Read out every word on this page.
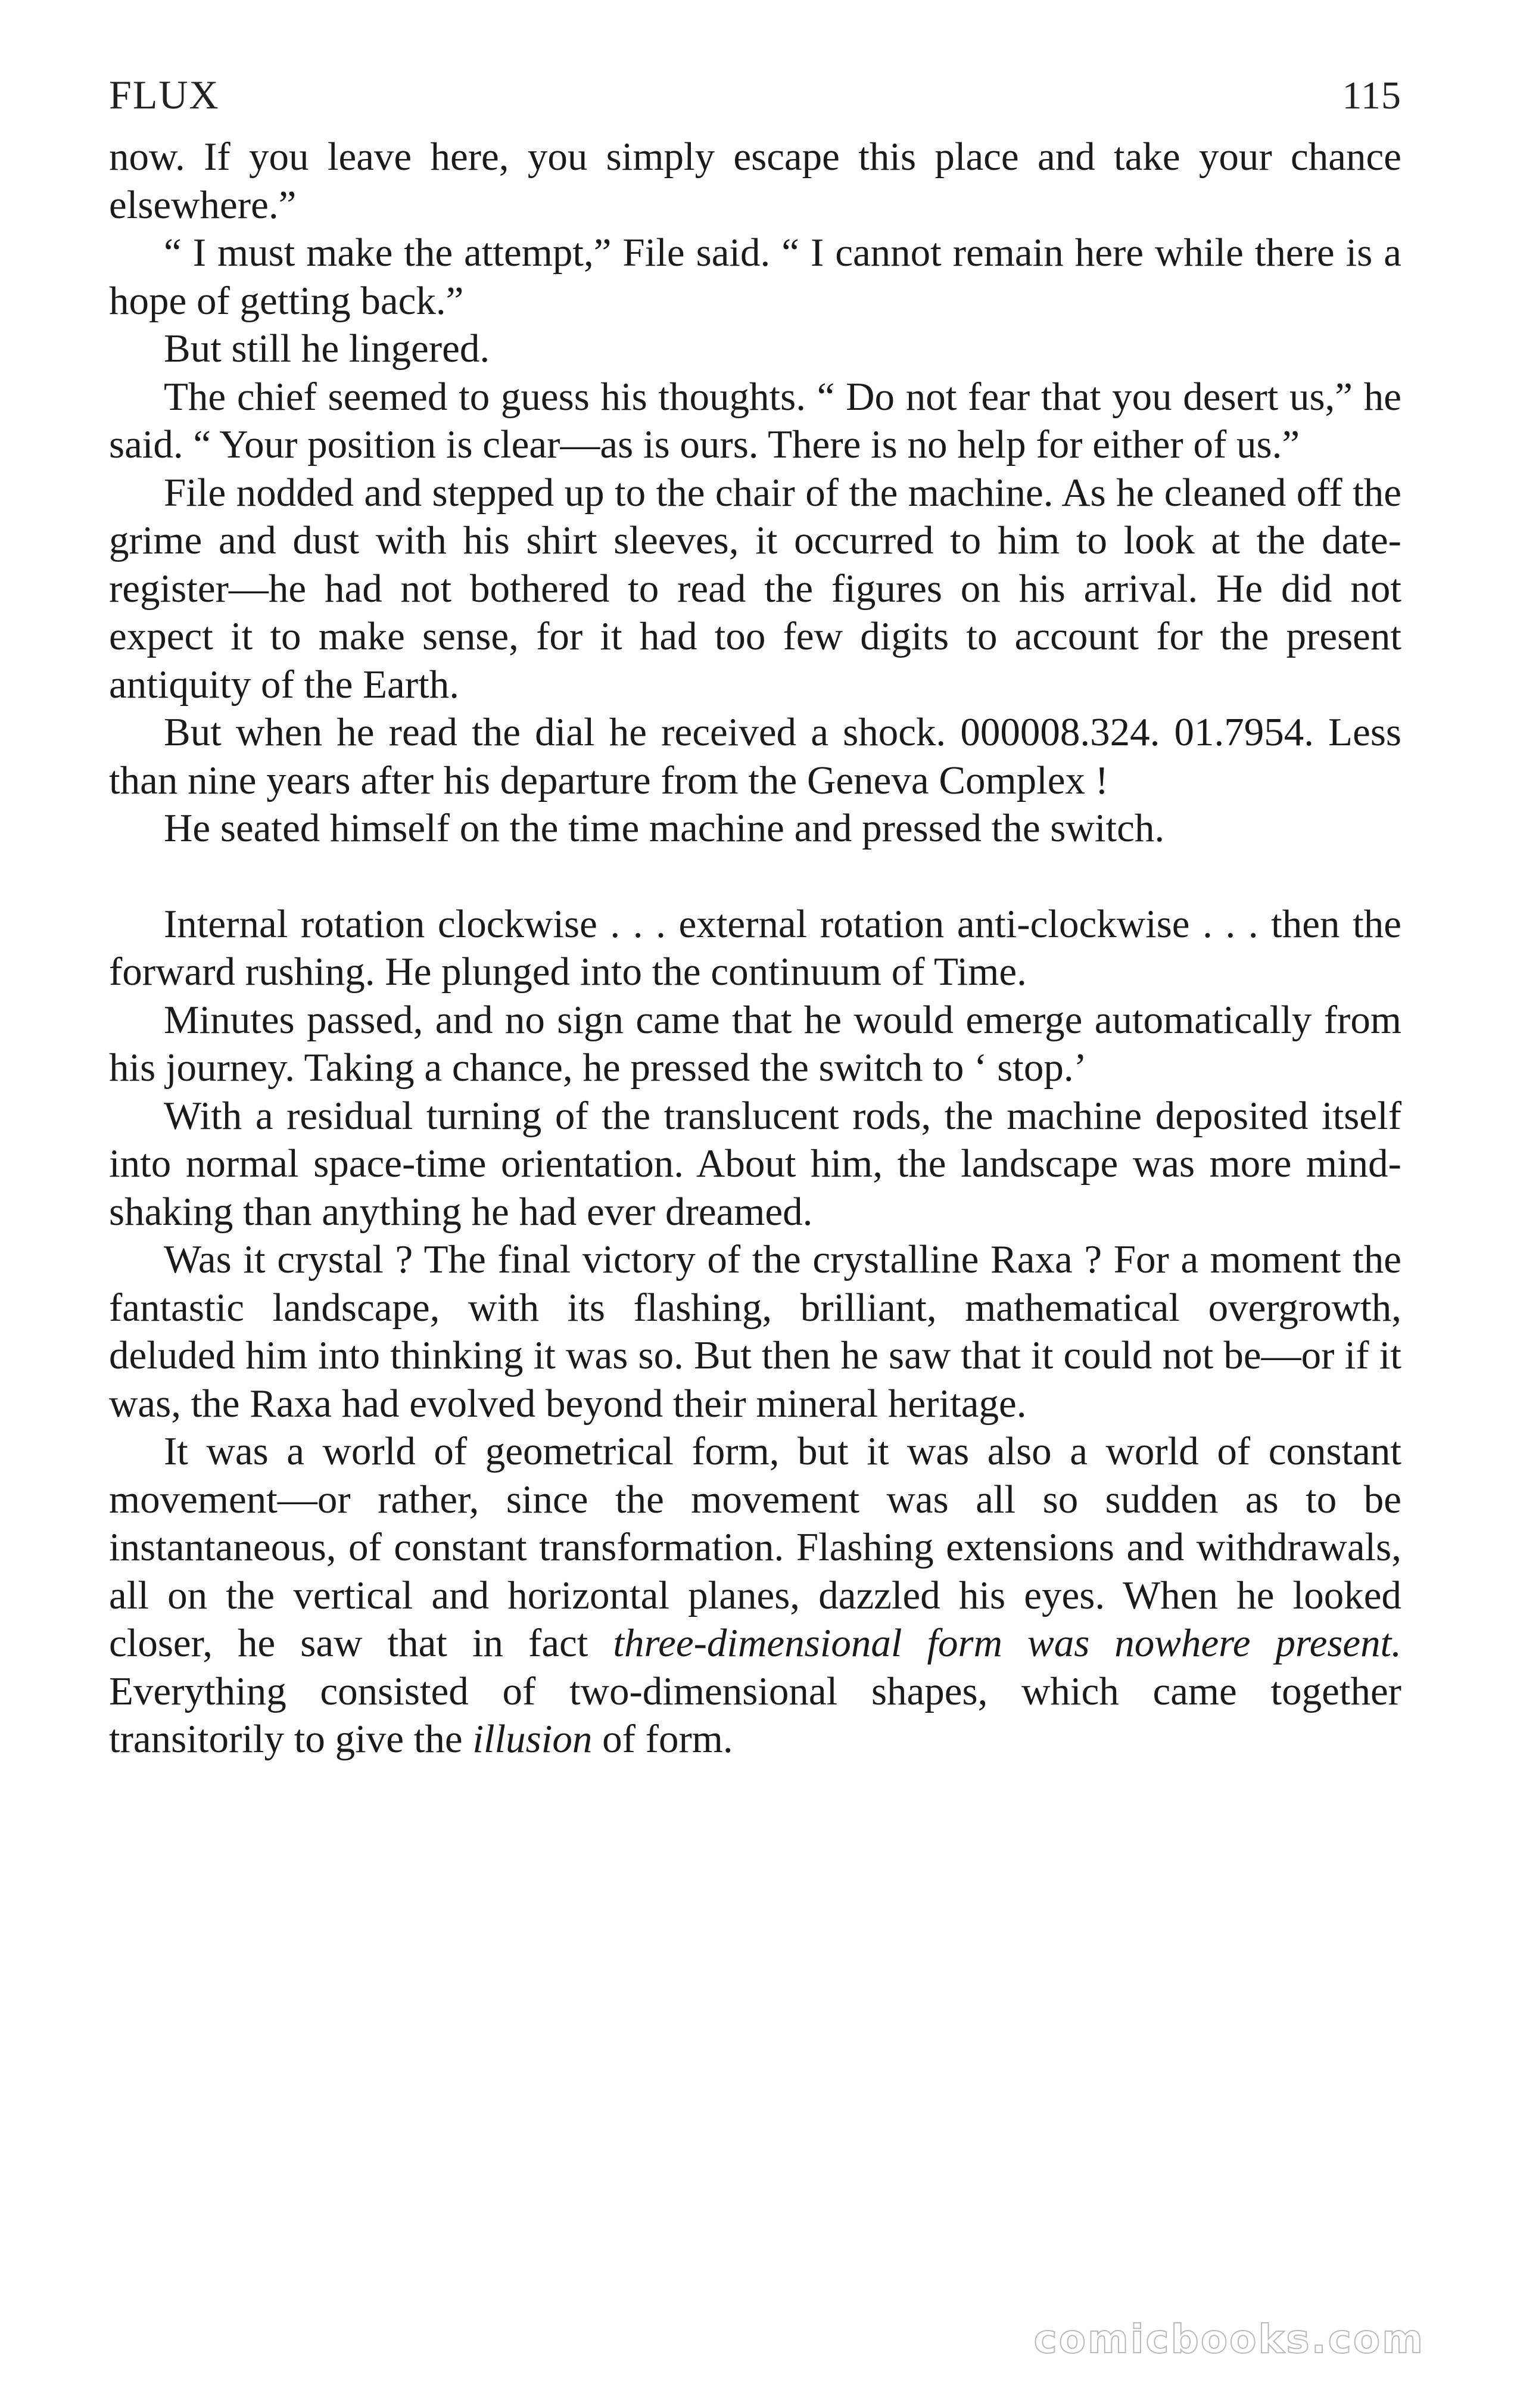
FLUX	115

now. If you leave here, you simply escape this place and take your chance elsewhere.”

“ I must make the attempt,” File said. “ I cannot remain here while there is a hope of getting back.”

But still he lingered.

The chief seemed to guess his thoughts. “ Do not fear that you desert us,” he said. “ Your position is clear—as is ours. There is no help for either of us.”

File nodded and stepped up to the chair of the machine. As he cleaned off the grime and dust with his shirt sleeves, it occurred to him to look at the date-register—he had not bothered to read the figures on his arrival. He did not expect it to make sense, for it had too few digits to account for the present antiquity of the Earth.

But when he read the dial he received a shock. 000008.324. 01.7954. Less than nine years after his departure from the Geneva Complex !

He seated himself on the time machine and pressed the switch.

Internal rotation clockwise . . . external rotation anti-clockwise . . . then the forward rushing. He plunged into the continuum of Time.

Minutes passed, and no sign came that he would emerge automatically from his journey. Taking a chance, he pressed the switch to ‘ stop.’

With a residual turning of the translucent rods, the machine deposited itself into normal space-time orientation. About him, the landscape was more mind-shaking than anything he had ever dreamed.

Was it crystal ? The final victory of the crystalline Raxa ? For a moment the fantastic landscape, with its flashing, brilliant, mathematical overgrowth, deluded him into thinking it was so. But then he saw that it could not be—or if it was, the Raxa had evolved beyond their mineral heritage.

It was a world of geometrical form, but it was also a world of constant movement—or rather, since the movement was all so sudden as to be instantaneous, of constant transformation. Flashing extensions and withdrawals, all on the vertical and horizontal planes, dazzled his eyes. When he looked closer, he saw that in fact three-dimensional form was nowhere present. Everything consisted of two-dimensional shapes, which came together transitorily to give the illusion of form.

comicbooks.com
